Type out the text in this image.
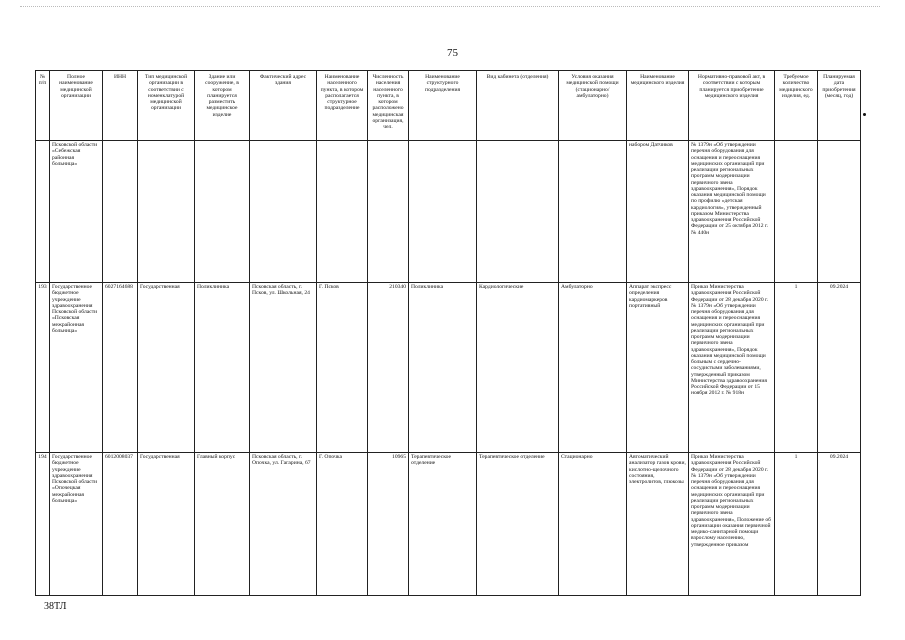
75
№ п/п	Полное наименование медицинской организации	ИНН	Тип медицинской организации в соответствии с номенклатурой медицинской организации	Здание или сооружение, в котором планируется разместить медицинское изделие	Фактический адрес здания	Наименование населенного пункта, в котором располагается структурное подразделение	Численность населения населенного пункта, в котором расположено медицинская организация, чел.	Наименование структурного подразделения	Вид кабинета (отделения)	Условия оказания медицинской помощи (стационарно/ амбулаторно)	Наименование медицинского изделия	Нормативно-правовой акт, в соответствии с которым планируется приобретение медицинского изделия	Требуемое количество медицинского изделия, ед.	Планируемая дата приобретения (месяц, год)
	Псковской области «Себежская районная больница»										набором Датчиков	№ 1379н «Об утверждении перечня оборудования для оснащения и переоснащения медицинских организаций при реализации региональных программ модернизации первичного звена здравоохранения», Порядок оказания медицинской помощи по профилю «детская кардиология», утвержденный приказом Министерства здравоохранения Российской Федерации от 25 октября 2012 г. № 440н		
193	Государственное бюджетное учреждение здравоохранения Псковской области «Псковская межрайонная больница»	6027164688	Государственная	Поликлиника	Псковская область, г. Псков, ул. Школьная, 24	Г. Псков	210340	Поликлиника	Кардиологические	Амбулаторно	Аппарат экспресс определения кардиомаркеров портативный	Приказ Министерства здравоохранения Российской Федерации от 28 декабря 2020 г. № 1379н «Об утверждении перечня оборудования для оснащения и переоснащения медицинских организаций при реализации региональных программ модернизации первичного звена здравоохранения», Порядок оказания медицинской помощи больным с сердечно-сосудистыми заболеваниями, утвержденный приказом Министерства здравоохранения Российской Федерации от 15 ноября 2012 г. № 918н	1	09.2024
194	Государственное бюджетное учреждение здравоохранения Псковской области «Опочецкая межрайонная больница»	6012008037	Государственная	Главный корпус	Псковская область, г. Опочка, ул. Гагарина, 67	Г. Опочка	10965	Терапевтическое отделение	Терапевтическое отделение	Стационарно	Автоматический анализатор газов крови, кислотно-щелочного состояния, электролитов, глюкозы	Приказ Министерства здравоохранения Российской Федерации от 28 декабря 2020 г. № 1379н «Об утверждении перечня оборудования для оснащения и переоснащения медицинских организаций при реализации региональных программ модернизации первичного звена здравоохранения», Положение об организации оказания первичной медико-санитарной помощи взрослому населению, утвержденное приказом	1	09.2024
38ТЛ
